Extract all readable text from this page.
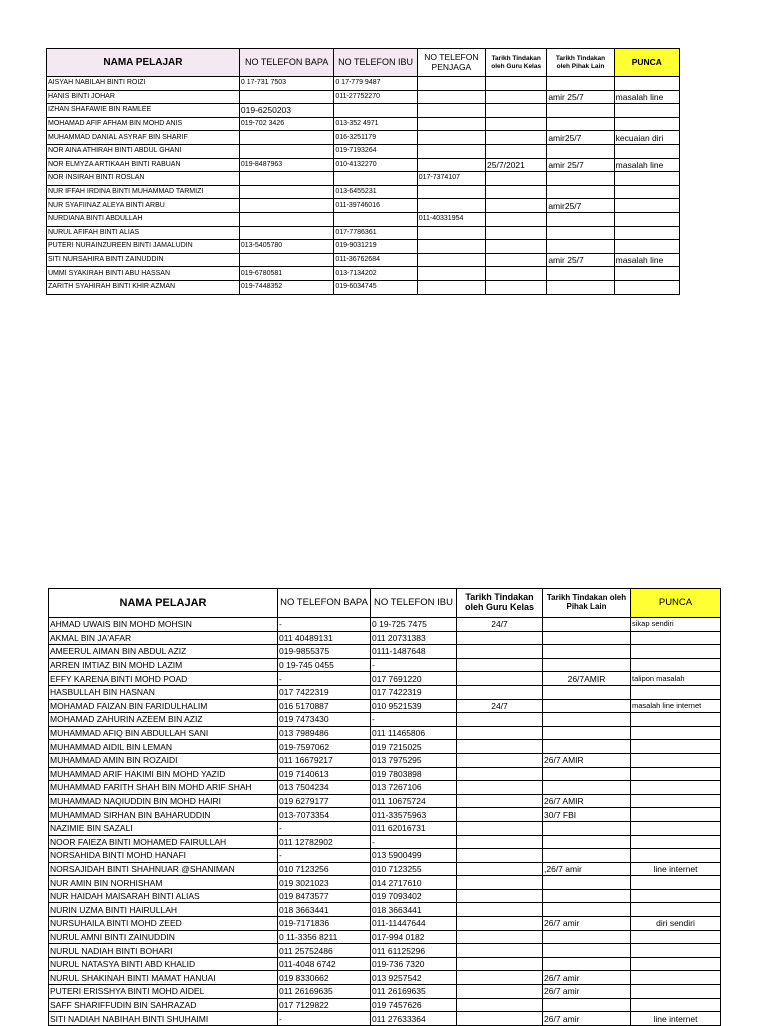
NAMA PELAJAR	NO TELEFON BAPA	NO TELEFON IBU	NO TELEFON PENJAGA	Tarikh Tindakan oleh Guru Kelas	Tarikh Tindakan oleh Pihak Lain	PUNCA
AISYAH NABILAH BINTI ROIZI	0 17-731 7503	0 17-779 9487				
HANIS BINTI JOHAR		011-27752270			amir 25/7	masalah line
IZHAN SHAFAWIE BIN RAMLEE	019-6250203					
MOHAMAD AFIF AFHAM BIN MOHD ANIS	019-702 3426	013-352 4971				
MUHAMMAD DANIAL ASYRAF BIN SHARIF		016-3251179			amir25/7	kecuaian diri
NOR AINA ATHIRAH BINTI ABDUL GHANI		019-7193264				
NOR ELMYZA ARTIKAAH BINTI RABUAN	019-8487963	010-4132270		25/7/2021	amir 25/7	masalah line
NOR INSIRAH BINTI ROSLAN			017-7374107			
NUR IFFAH IRDINA BINTI MUHAMMAD TARMIZI		013-6455231				
NUR SYAFIINAZ ALEYA BINTI ARBU		011-39746016			amir25/7	
NURDIANA BINTI ABDULLAH			011-40331954			
NURUL AFIFAH BINTI ALIAS		017-7786361				
PUTERI NURAINZUREEN BINTI JAMALUDIN	013-5405780	019-9031219				
SITI NURSAHIRA BINTI ZAINUDDIN		011-36762684			amir 25/7	masalah line
UMMI SYAKIRAH BINTI ABU HASSAN	019-6780581	013-7134202				
ZARITH SYAHIRAH BINTI KHIR AZMAN	019-7448352	019-6034745				
NAMA PELAJAR	NO TELEFON BAPA	NO TELEFON IBU	Tarikh Tindakan oleh Guru Kelas	Tarikh Tindakan oleh Pihak Lain	PUNCA
AHMAD UWAIS BIN MOHD MOHSIN	-	0 19-725 7475	24/7		sikap sendiri
AKMAL BIN JA'AFAR	011 40489131	011 20731383			
AMEERUL AIMAN BIN ABDUL AZIZ	019-9855375	0111-1487648			
ARREN IMTIAZ BIN MOHD LAZIM	0 19-745 0455	-			
EFFY KARENA BINTI MOHD POAD	-	017 7691220		26/7AMIR	talipon masalah
HASBULLAH BIN HASNAN	017 7422319	017 7422319			
MOHAMAD FAIZAN BIN FARIDULHALIM	016 5170887	010 9521539	24/7		masalah line internet
MOHAMAD ZAHURIN AZEEM BIN AZIZ	019 7473430	-			
MUHAMMAD AFIQ BIN ABDULLAH SANI	013 7989486	011 11465806			
MUHAMMAD AIDIL BIN LEMAN	019-7597062	019 7215025			
MUHAMMAD AMIN BIN ROZAIDI	011 16679217	013 7975295		26/7 AMIR	
MUHAMMAD ARIF HAKIMI BIN MOHD YAZID	019 7140613	019 7803898			
MUHAMMAD FARITH SHAH BIN MOHD ARIF SHAH	013 7504234	013 7267106			
MUHAMMAD NAQIUDDIN BIN MOHD HAIRI	019 6279177	011 10675724		26/7 AMIR	
MUHAMMAD SIRHAN BIN BAHARUDDIN	013-7073354	011-33575963		30/7 FBI	
NAZIMIE BIN SAZALI	-	011 62016731			
NOOR FAIEZA BINTI MOHAMED FAIRULLAH	011 12782902	-			
NORSAHIDA BINTI MOHD HANAFI	-	013 5900499			
NORSAJIDAH BINTI SHAHNUAR @SHANIMAN	010 7123256	010 7123255		,26/7 amir	line internet
NUR AMIN BIN NORHISHAM	019 3021023	014 2717610			
NUR HAIDAH MAISARAH BINTI ALIAS	019 8473577	019 7093402			
NURIN UZMA BINTI HAIRULLAH	018 3663441	018 3663441			
NURSUHAILA BINTI MOHD ZEED	019-7171836	011-11447644		26/7 amir	diri sendiri
NURUL AMNI BINTI ZAINUDDIN	0 11-3356 8211	017-994 0182			
NURUL NADIAH BINTI BOHARI	011 25752486	011 61125296			
NURUL NATASYA BINTI ABD KHALID	011-4048 6742	019-736 7320			
NURUL SHAKINAH BINTI MAMAT HANUAI	019 8330662	013 9257542		26/7 amir	
PUTERI ERISSHYA BINTI MOHD AIDEL	011 26169635	011 26169635		26/7 amir	
SAFF SHARIFFUDIN BIN SAHRAZAD	017 7129822	019 7457626			
SITI NADIAH NABIHAH BINTI SHUHAIMI	-	011 27633364		26/7 amir	line internet
